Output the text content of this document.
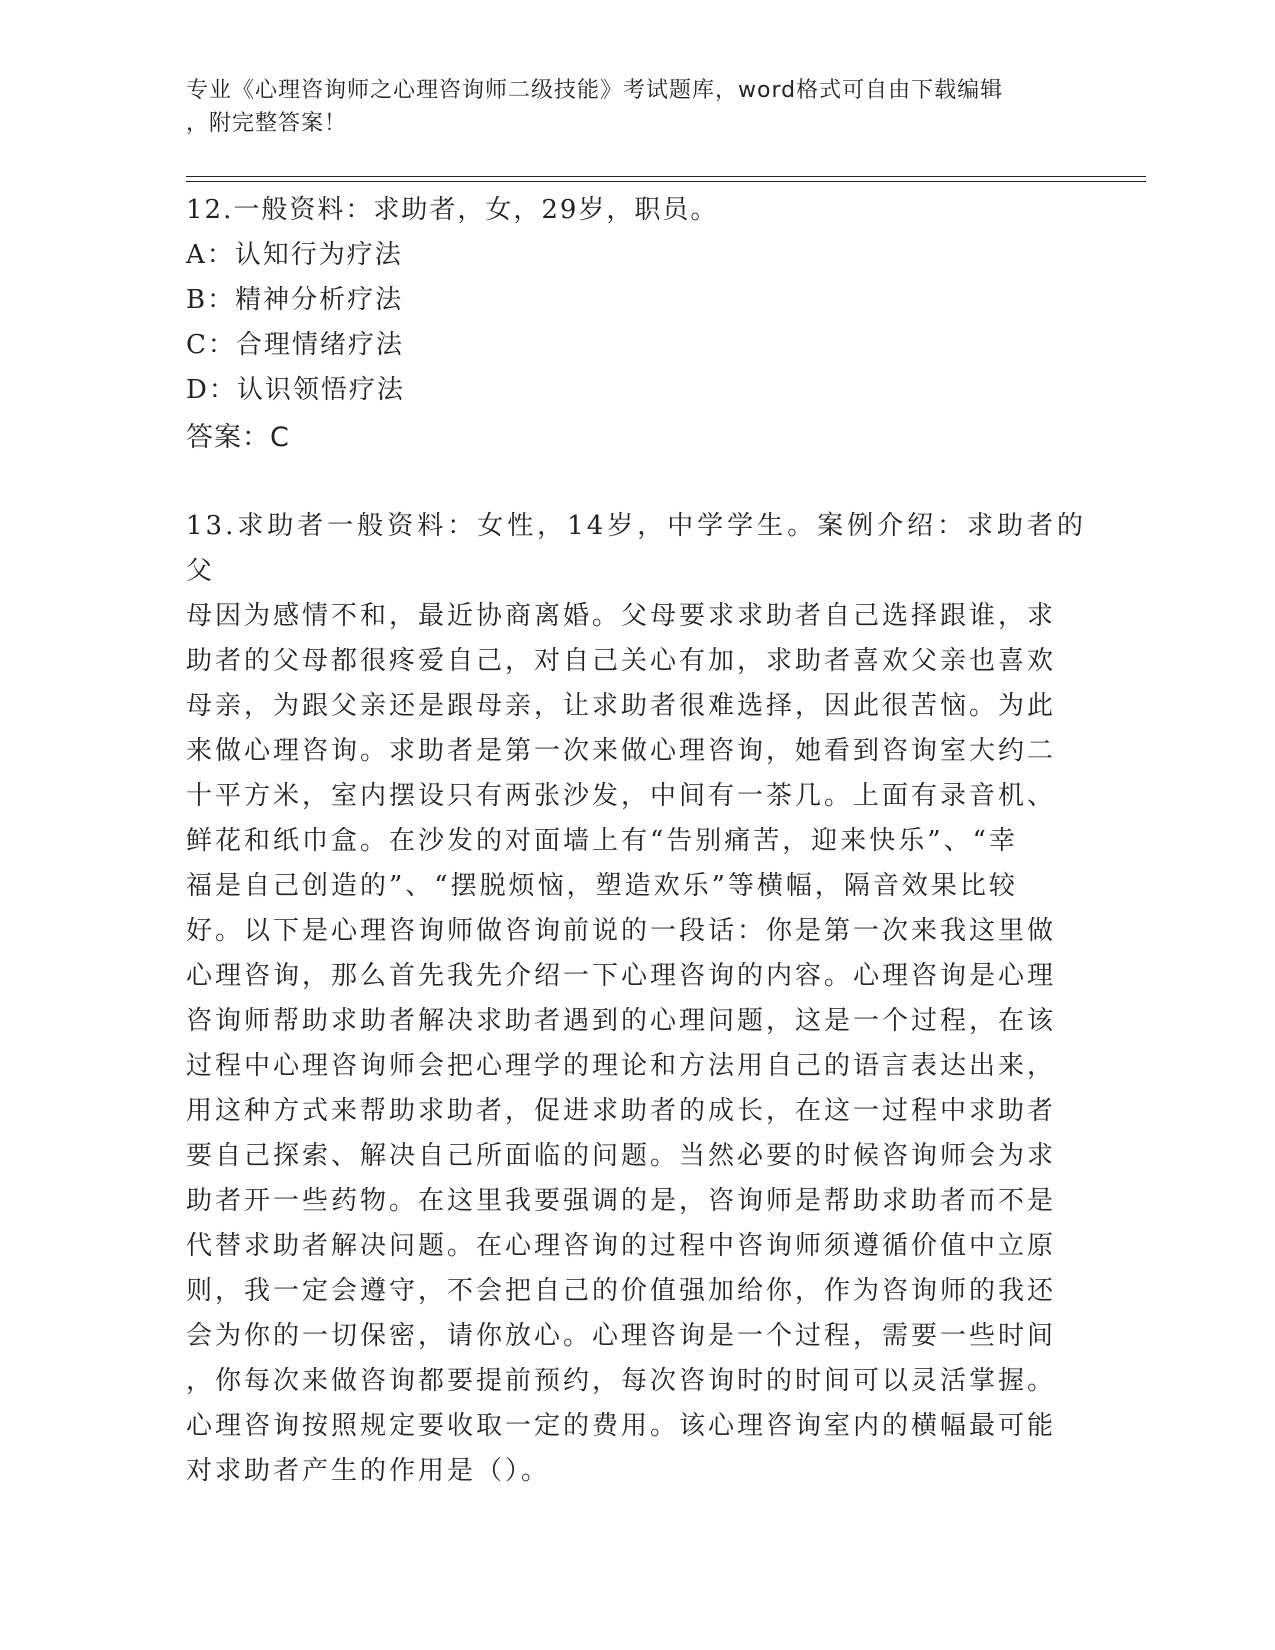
专业《心理咨询师之心理咨询师二级技能》考试题库，word格式可自由下载编辑
，附完整答案！
12.一般资料：求助者，女，29岁，职员。
A：认知行为疗法
B：精神分析疗法
C：合理情绪疗法
D：认识领悟疗法
答案：C
13.求助者一般资料：女性，14岁，中学学生。案例介绍：求助者的父
母因为感情不和，最近协商离婚。父母要求求助者自己选择跟谁，求
助者的父母都很疼爱自己，对自己关心有加，求助者喜欢父亲也喜欢
母亲，为跟父亲还是跟母亲，让求助者很难选择，因此很苦恼。为此
来做心理咨询。求助者是第一次来做心理咨询，她看到咨询室大约二
十平方米，室内摆设只有两张沙发，中间有一茶几。上面有录音机、
鲜花和纸巾盒。在沙发的对面墙上有“告别痛苦，迎来快乐”、“幸
福是自己创造的”、“摆脱烦恼，塑造欢乐”等横幅，隔音效果比较
好。以下是心理咨询师做咨询前说的一段话：你是第一次来我这里做
心理咨询，那么首先我先介绍一下心理咨询的内容。心理咨询是心理
咨询师帮助求助者解决求助者遇到的心理问题，这是一个过程，在该
过程中心理咨询师会把心理学的理论和方法用自己的语言表达出来，
用这种方式来帮助求助者，促进求助者的成长，在这一过程中求助者
要自己探索、解决自己所面临的问题。当然必要的时候咨询师会为求
助者开一些药物。在这里我要强调的是，咨询师是帮助求助者而不是
代替求助者解决问题。在心理咨询的过程中咨询师须遵循价值中立原
则，我一定会遵守，不会把自己的价值强加给你，作为咨询师的我还
会为你的一切保密，请你放心。心理咨询是一个过程，需要一些时间
，你每次来做咨询都要提前预约，每次咨询时的时间可以灵活掌握。
心理咨询按照规定要收取一定的费用。该心理咨询室内的横幅最可能
对求助者产生的作用是（）。
